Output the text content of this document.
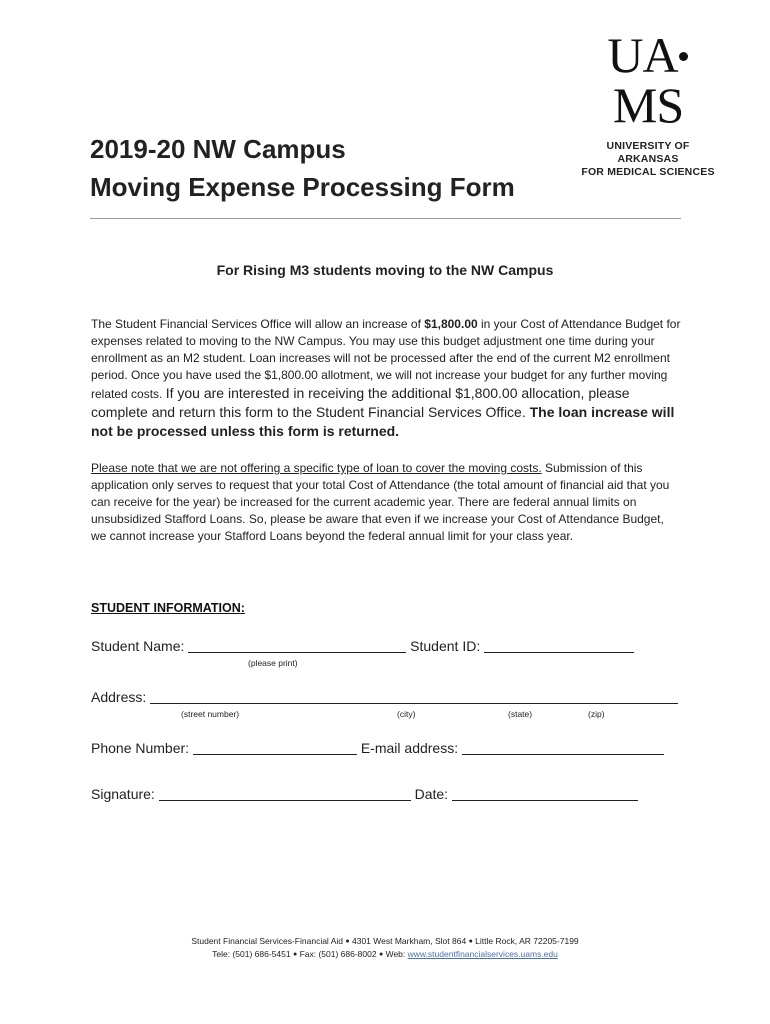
UAMS
UNIVERSITY OF ARKANSAS
FOR MEDICAL SCIENCES
2019-20 NW Campus
Moving Expense Processing Form

For Rising M3 students moving to the NW Campus

The Student Financial Services Office will allow an increase of $1,800.00 in your Cost of Attendance Budget for expenses related to moving to the NW Campus. You may use this budget adjustment one time during your enrollment as an M2 student. Loan increases will not be processed after the end of the current M2 enrollment period. Once you have used the $1,800.00 allotment, we will not increase your budget for any further moving related costs. If you are interested in receiving the additional $1,800.00 allocation, please complete and return this form to the Student Financial Services Office. The loan increase will not be processed unless this form is returned.

Please note that we are not offering a specific type of loan to cover the moving costs. Submission of this application only serves to request that your total Cost of Attendance (the total amount of financial aid that you can receive for the year) be increased for the current academic year. There are federal annual limits on unsubsidized Stafford Loans. So, please be aware that even if we increase your Cost of Attendance Budget, we cannot increase your Stafford Loans beyond the federal annual limit for your class year.

STUDENT INFORMATION:

Student Name:	Student ID:
(please print)
Address:
(street number)	(city)	(state)	(zip)
Phone Number:	E-mail address:
Signature:	Date:
Student Financial Services-Financial Aid ● 4301 West Markham, Slot 864 ● Little Rock, AR 72205-7199
Tele: (501) 686-5451 ● Fax: (501) 686-8002 ● Web: www.studentfinancialservices.uams.edu
